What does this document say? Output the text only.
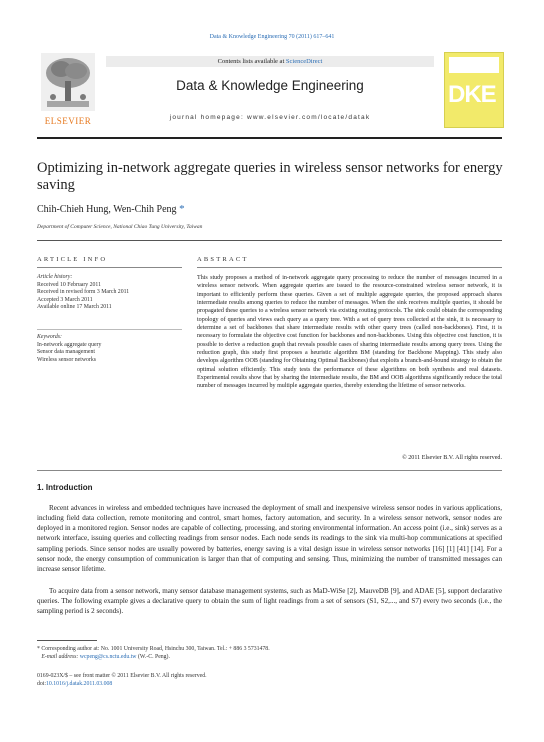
Data & Knowledge Engineering 70 (2011) 617–641
ELSEVIER
Contents lists available at ScienceDirect
Data & Knowledge Engineering
journal homepage: www.elsevier.com/locate/datak
DKE
Optimizing in-network aggregate queries in wireless sensor networks for energy saving
Chih-Chieh Hung, Wen-Chih Peng *
Department of Computer Science, National Chiao Tung University, Taiwan
ARTICLE INFO	ABSTRACT
Article history:
Received 10 February 2011
Received in revised form 3 March 2011
Accepted 3 March 2011
Available online 17 March 2011
Keywords:
In-network aggregate query
Sensor data management
Wireless sensor networks
This study proposes a method of in-network aggregate query processing to reduce the number of messages incurred in a wireless sensor network. When aggregate queries are issued to the resource-constrained wireless sensor network, it is important to efficiently perform these queries. Given a set of multiple aggregate queries, the proposed approach shares intermediate results among queries to reduce the number of messages. When the sink receives multiple queries, it should be propagated these queries to a wireless sensor network via existing routing protocols. The sink could obtain the corresponding topology of queries and views each query as a query tree. With a set of query trees collected at the sink, it is necessary to determine a set of backbones that share intermediate results with other query trees (called non-backbones). First, it is necessary to formulate the objective cost function for backbones and non-backbones. Using this objective cost function, it is possible to derive a reduction graph that reveals possible cases of sharing intermediate results among query trees. Using the reduction graph, this study first proposes a heuristic algorithm BM (standing for Backbone Mapping). This study also develops algorithm OOB (standing for Obtaining Optimal Backbones) that exploits a branch-and-bound strategy to obtain the optimal solution efficiently. This study tests the performance of these algorithms on both synthesis and real datasets. Experimental results show that by sharing the intermediate results, the BM and OOB algorithms significantly reduce the total number of messages incurred by multiple aggregate queries, thereby extending the lifetime of sensor networks.
© 2011 Elsevier B.V. All rights reserved.
1. Introduction
Recent advances in wireless and embedded techniques have increased the deployment of small and inexpensive wireless sensor nodes in various applications, including field data collection, remote monitoring and control, smart homes, factory automation, and security. In a wireless sensor network, sensor nodes are deployed in a monitored region. Sensor nodes are capable of collecting, processing, and storing environmental information. An access point (i.e., sink) serves as a network interface, issuing queries and collecting readings from sensor nodes. Each node sends its readings to the sink via multi-hop communications at specified sampling periods. Since sensor nodes are usually powered by batteries, energy saving is a vital design issue in wireless sensor networks [16] [1] [41] [14]. For a sensor node, the energy consumption of communication is larger than that of computing and sensing. Thus, minimizing the number of transmitted messages can increase sensor lifetime.
To acquire data from a sensor network, many sensor database management systems, such as MaD-WiSe [2], MauveDB [9], and ADAE [5], support declarative queries. The following example gives a declarative query to obtain the sum of light readings from a set of sensors (S1, S2,..., and S7) every two seconds (i.e., the sampling period is 2 seconds).
* Corresponding author at: No. 1001 University Road, Hsinchu 300, Taiwan. Tel.: + 886 3 5731478.
E-mail address: wcpeng@cs.nctu.edu.tw (W.-C. Peng).
0169-023X/$ – see front matter © 2011 Elsevier B.V. All rights reserved.
doi:10.1016/j.datak.2011.03.008
